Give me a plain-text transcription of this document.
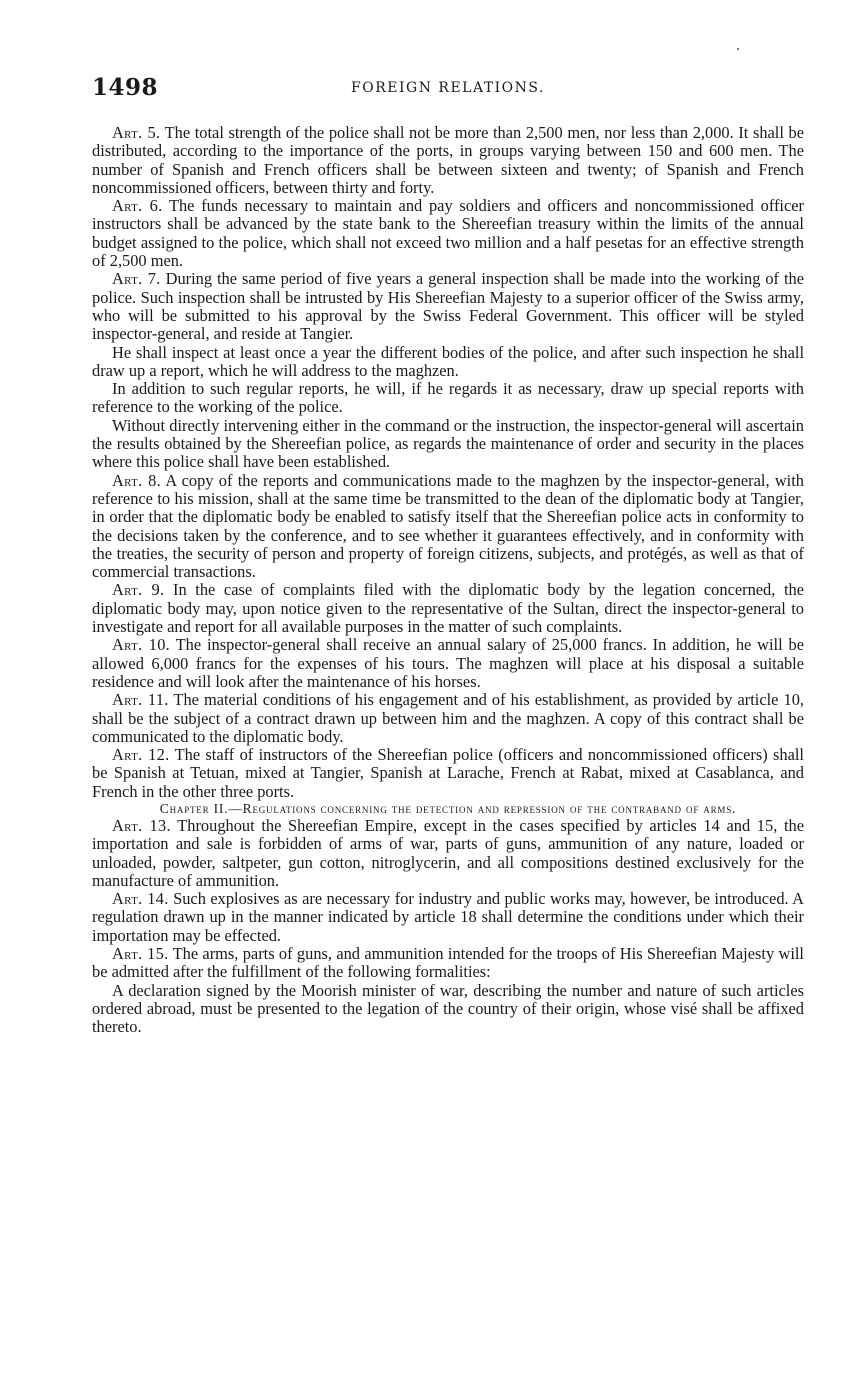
1498	FOREIGN RELATIONS.

Art. 5. The total strength of the police shall not be more than 2,500 men, nor less than 2,000. It shall be distributed, according to the importance of the ports, in groups varying between 150 and 600 men. The number of Spanish and French officers shall be between sixteen and twenty; of Spanish and French noncommissioned officers, between thirty and forty.

Art. 6. The funds necessary to maintain and pay soldiers and officers and noncommissioned officer instructors shall be advanced by the state bank to the Shereefian treasury within the limits of the annual budget assigned to the police, which shall not exceed two million and a half pesetas for an effective strength of 2,500 men.

Art. 7. During the same period of five years a general inspection shall be made into the working of the police. Such inspection shall be intrusted by His Shereefian Majesty to a superior officer of the Swiss army, who will be submitted to his approval by the Swiss Federal Government. This officer will be styled inspector-general, and reside at Tangier.

He shall inspect at least once a year the different bodies of the police, and after such inspection he shall draw up a report, which he will address to the maghzen.

In addition to such regular reports, he will, if he regards it as necessary, draw up special reports with reference to the working of the police.

Without directly intervening either in the command or the instruction, the inspector-general will ascertain the results obtained by the Shereefian police, as regards the maintenance of order and security in the places where this police shall have been established.

Art. 8. A copy of the reports and communications made to the maghzen by the inspector-general, with reference to his mission, shall at the same time be transmitted to the dean of the diplomatic body at Tangier, in order that the diplomatic body be enabled to satisfy itself that the Shereefian police acts in conformity to the decisions taken by the conference, and to see whether it guarantees effectively, and in conformity with the treaties, the security of person and property of foreign citizens, subjects, and protégés, as well as that of commercial transactions.

Art. 9. In the case of complaints filed with the diplomatic body by the legation concerned, the diplomatic body may, upon notice given to the representative of the Sultan, direct the inspector-general to investigate and report for all available purposes in the matter of such complaints.

Art. 10. The inspector-general shall receive an annual salary of 25,000 francs. In addition, he will be allowed 6,000 francs for the expenses of his tours. The maghzen will place at his disposal a suitable residence and will look after the maintenance of his horses.

Art. 11. The material conditions of his engagement and of his establishment, as provided by article 10, shall be the subject of a contract drawn up between him and the maghzen. A copy of this contract shall be communicated to the diplomatic body.

Art. 12. The staff of instructors of the Shereefian police (officers and noncommissioned officers) shall be Spanish at Tetuan, mixed at Tangier, Spanish at Larache, French at Rabat, mixed at Casablanca, and French in the other three ports.

Chapter II.—Regulations concerning the detection and repression of the contraband of arms.

Art. 13. Throughout the Shereefian Empire, except in the cases specified by articles 14 and 15, the importation and sale is forbidden of arms of war, parts of guns, ammunition of any nature, loaded or unloaded, powder, saltpeter, gun cotton, nitroglycerin, and all compositions destined exclusively for the manufacture of ammunition.

Art. 14. Such explosives as are necessary for industry and public works may, however, be introduced. A regulation drawn up in the manner indicated by article 18 shall determine the conditions under which their importation may be effected.

Art. 15. The arms, parts of guns, and ammunition intended for the troops of His Shereefian Majesty will be admitted after the fulfillment of the following formalities:

A declaration signed by the Moorish minister of war, describing the number and nature of such articles ordered abroad, must be presented to the legation of the country of their origin, whose visé shall be affixed thereto.
